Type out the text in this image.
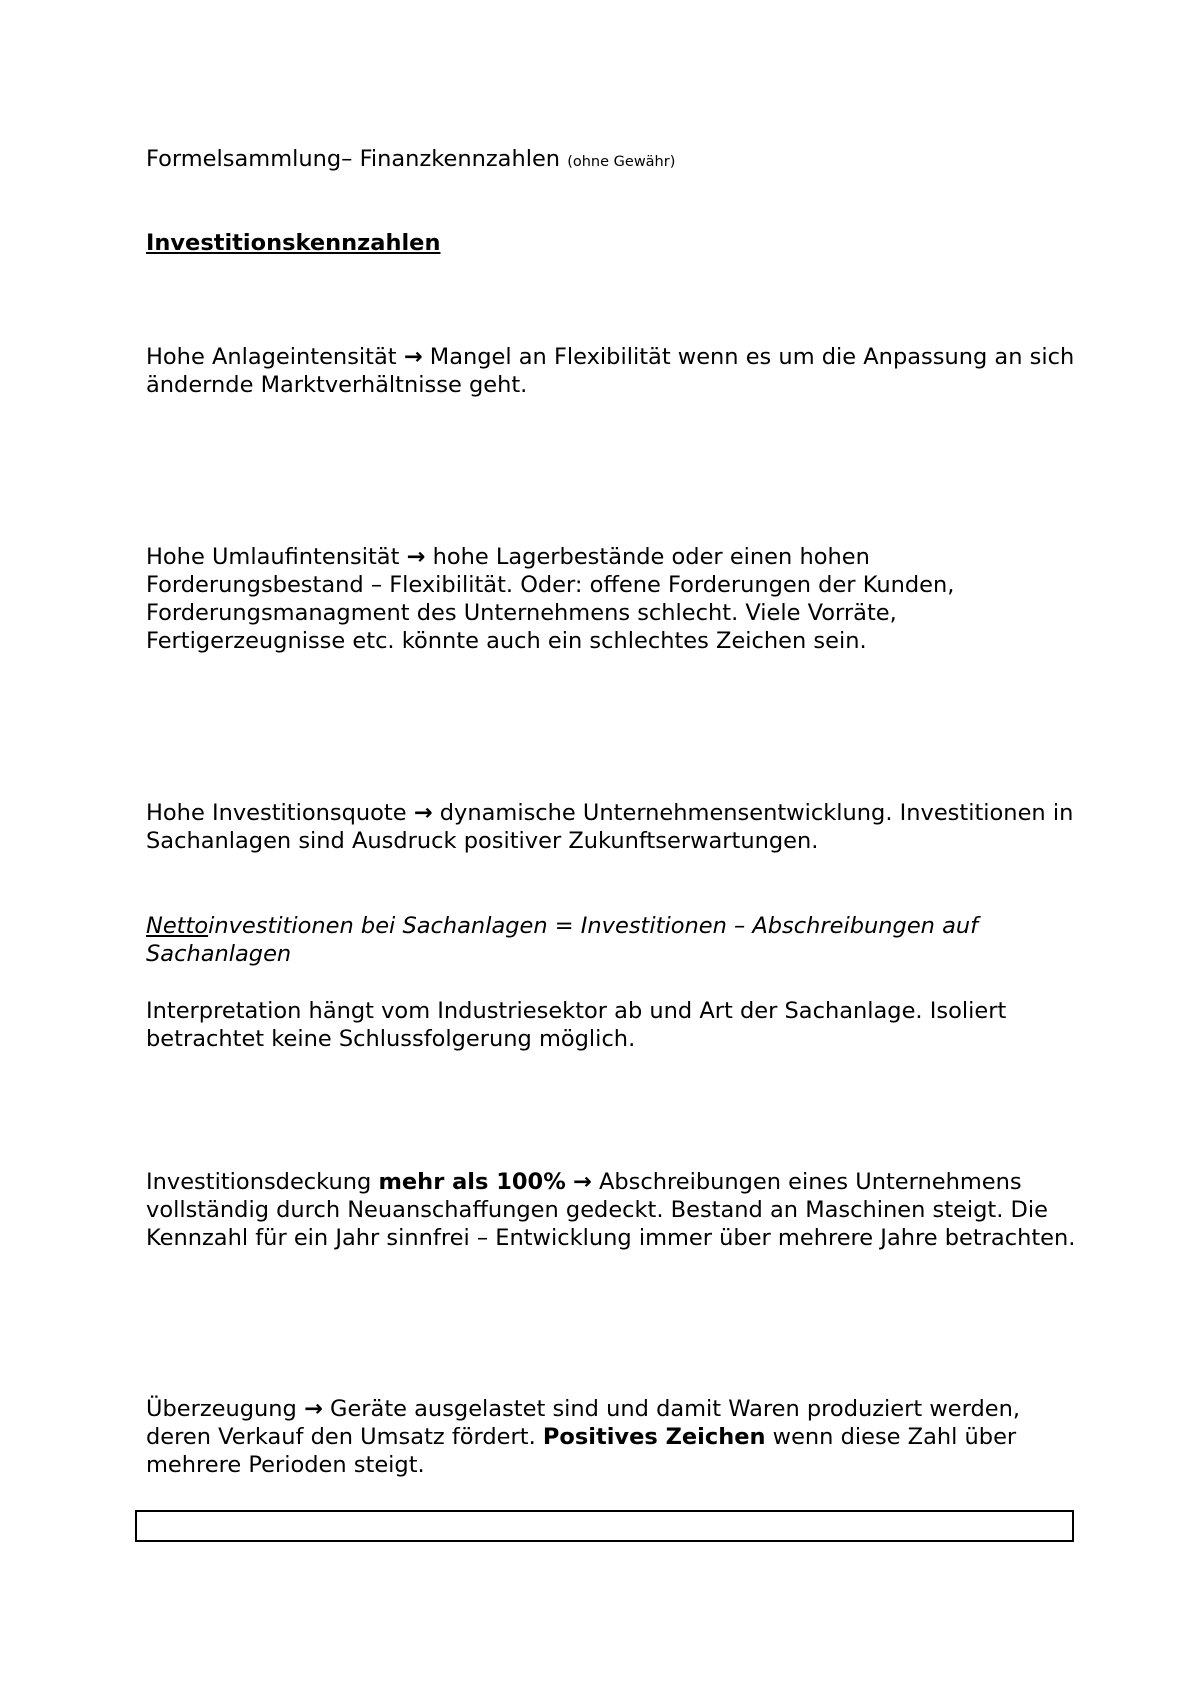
Formelsammlung– Finanzkennzahlen (ohne Gewähr)

Investitionskennzahlen

Hohe Anlageintensität → Mangel an Flexibilität wenn es um die Anpassung an sich ändernde Marktverhältnisse geht.

Hohe Umlaufintensität → hohe Lagerbestände oder einen hohen Forderungsbestand – Flexibilität. Oder: offene Forderungen der Kunden, Forderungsmanagment des Unternehmens schlecht. Viele Vorräte, Fertigerzeugnisse etc. könnte auch ein schlechtes Zeichen sein.

Hohe Investitionsquote → dynamische Unternehmensentwicklung. Investitionen in Sachanlagen sind Ausdruck positiver Zukunftserwartungen.

Nettoinvestitionen bei Sachanlagen = Investitionen – Abschreibungen auf Sachanlagen

Interpretation hängt vom Industriesektor ab und Art der Sachanlage. Isoliert betrachtet keine Schlussfolgerung möglich.

Investitionsdeckung mehr als 100% → Abschreibungen eines Unternehmens vollständig durch Neuanschaffungen gedeckt. Bestand an Maschinen steigt. Die Kennzahl für ein Jahr sinnfrei – Entwicklung immer über mehrere Jahre betrachten.

Überzeugung → Geräte ausgelastet sind und damit Waren produziert werden, deren Verkauf den Umsatz fördert. Positives Zeichen wenn diese Zahl über mehrere Perioden steigt.
